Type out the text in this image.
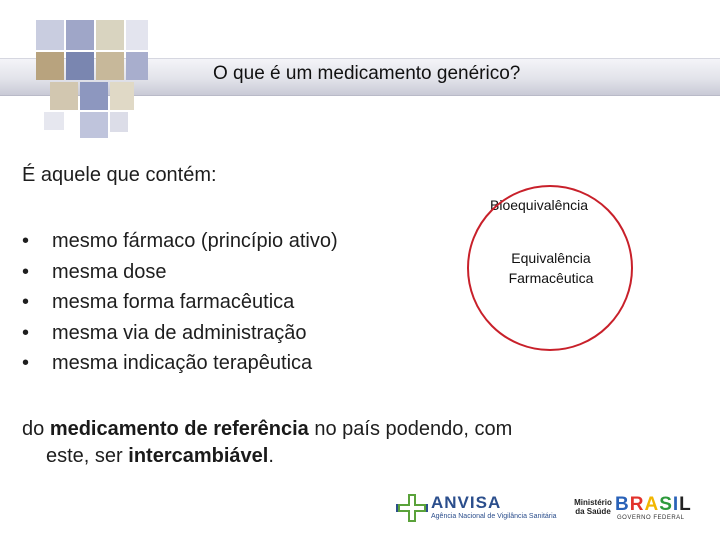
O que é um medicamento genérico?
É aquele que contém:
• mesmo fármaco (princípio ativo)
• mesma dose
• mesma forma farmacêutica
• mesma via de administração
• mesma indicação terapêutica
Bioequivalência
Equivalência
Farmacêutica
do medicamento de referência no país podendo, com
este, ser intercambiável.
ANVISA
Agência Nacional de Vigilância Sanitária
Ministério
da Saúde BRASIL
GOVERNO FEDERAL
